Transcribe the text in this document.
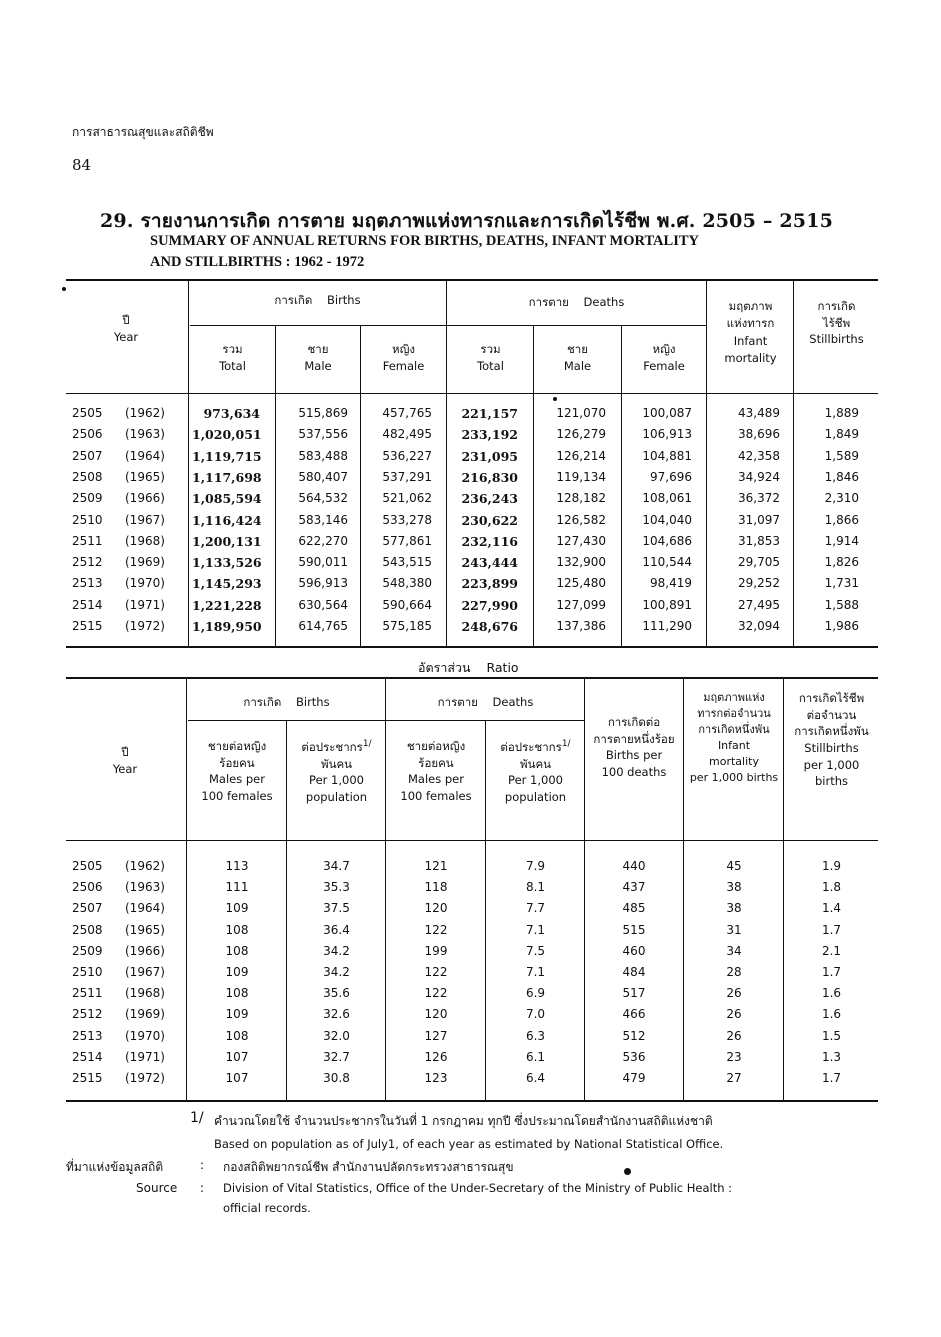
การสาธารณสุขและสถิติชีพ
84
29. รายงานการเกิด การตาย มฤตภาพแห่งทารกและการเกิดไร้ชีพ พ.ศ. 2505 – 2515
SUMMARY OF ANNUAL RETURNS FOR BIRTHS, DEATHS, INFANT MORTALITY
AND STILLBIRTHS : 1962 - 1972
ปี
Year
การเกิด Births	การตาย Deaths
รวม
Total
ชาย
Male
หญิง
Female
รวม
Total
ชาย
Male
หญิง
Female
มฤตภาพ
แห่งทารก
Infant
mortality
การเกิด
ไร้ชีพ
Stillbirths
2505	(1962)	973,634	515,869	457,765	221,157	121,070	100,087	43,489	1,889
2506	(1963)	1,020,051	537,556	482,495	233,192	126,279	106,913	38,696	1,849
2507	(1964)	1,119,715	583,488	536,227	231,095	126,214	104,881	42,358	1,589
2508	(1965)	1,117,698	580,407	537,291	216,830	119,134	97,696	34,924	1,846
2509	(1966)	1,085,594	564,532	521,062	236,243	128,182	108,061	36,372	2,310
2510	(1967)	1,116,424	583,146	533,278	230,622	126,582	104,040	31,097	1,866
2511	(1968)	1,200,131	622,270	577,861	232,116	127,430	104,686	31,853	1,914
2512	(1969)	1,133,526	590,011	543,515	243,444	132,900	110,544	29,705	1,826
2513	(1970)	1,145,293	596,913	548,380	223,899	125,480	98,419	29,252	1,731
2514	(1971)	1,221,228	630,564	590,664	227,990	127,099	100,891	27,495	1,588
2515	(1972)	1,189,950	614,765	575,185	248,676	137,386	111,290	32,094	1,986
อัตราส่วน Ratio
ปี
Year
การเกิด Births	การตาย Deaths
ชายต่อหญิง
ร้อยคน
Males per
100 females
ต่อประชากร$^{1/}$
พันคน
Per 1,000
population
ชายต่อหญิง
ร้อยคน
Males per
100 females
ต่อประชากร$^{1/}$
พันคน
Per 1,000
population
การเกิดต่อ
การตายหนึ่งร้อย
Births per
100 deaths
มฤตภาพแห่ง
ทารกต่อจำนวน
การเกิดหนึ่งพัน
Infant
mortality
per 1,000 births
การเกิดไร้ชีพ
ต่อจำนวน
การเกิดหนึ่งพัน
Stillbirths
per 1,000
births
2505	(1962)	113	34.7	121	7.9	440	45	1.9
2506	(1963)	111	35.3	118	8.1	437	38	1.8
2507	(1964)	109	37.5	120	7.7	485	38	1.4
2508	(1965)	108	36.4	122	7.1	515	31	1.7
2509	(1966)	108	34.2	199	7.5	460	34	2.1
2510	(1967)	109	34.2	122	7.1	484	28	1.7
2511	(1968)	108	35.6	122	6.9	517	26	1.6
2512	(1969)	109	32.6	120	7.0	466	26	1.6
2513	(1970)	108	32.0	127	6.3	512	26	1.5
2514	(1971)	107	32.7	126	6.1	536	23	1.3
2515	(1972)	107	30.8	123	6.4	479	27	1.7
1/ คำนวณโดยใช้ จำนวนประชากรในวันที่ 1 กรกฎาคม ทุกปี ซึ่งประมาณโดยสำนักงานสถิติแห่งชาติ
Based on population as of July1, of each year as estimated by National Statistical Office.
ที่มาแห่งข้อมูลสถิติ	: กองสถิติพยากรณ์ชีพ สำนักงานปลัดกระทรวงสาธารณสุข
Source : Division of Vital Statistics, Office of the Under-Secretary of the Ministry of Public Health :
official records.
